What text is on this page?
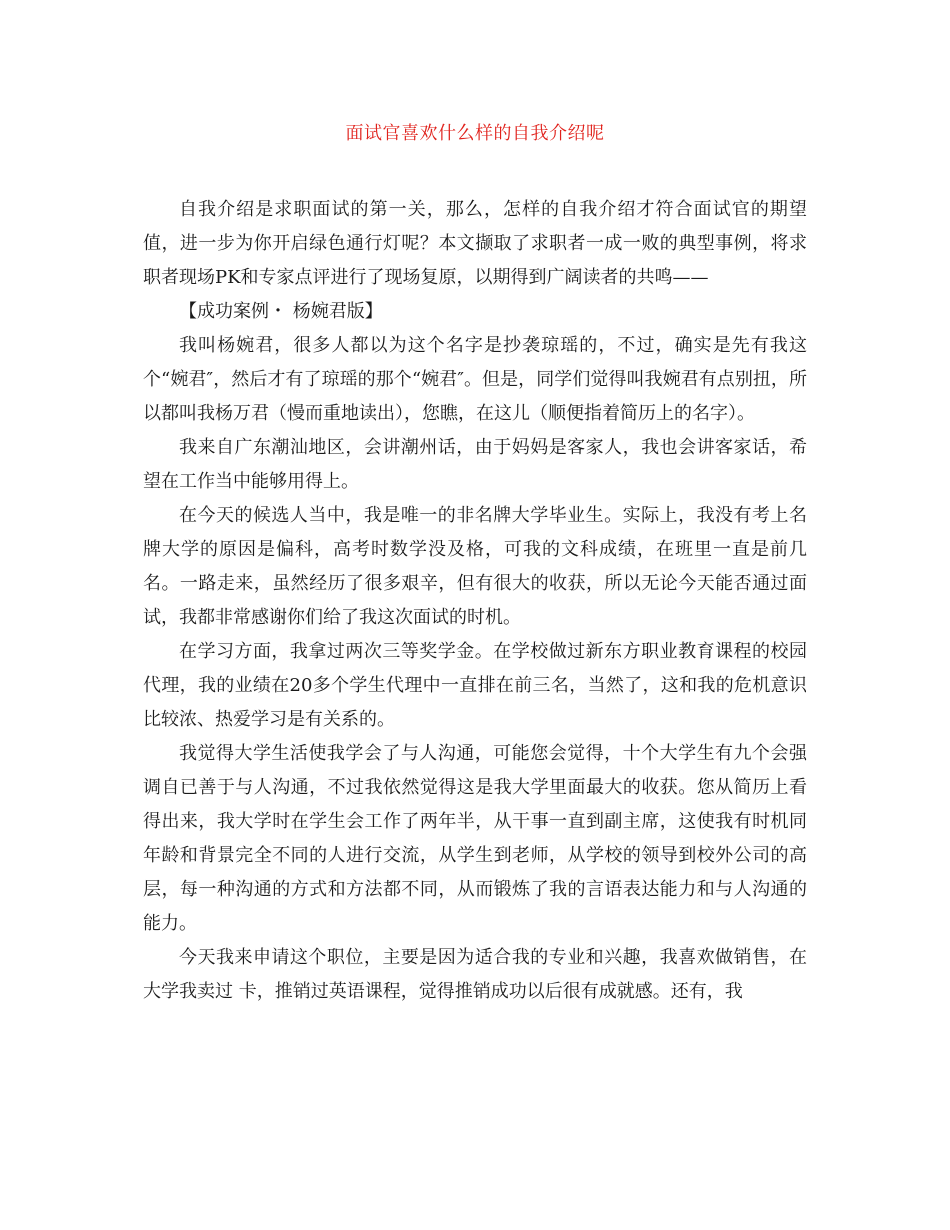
面试官喜欢什么样的自我介绍呢

自我介绍是求职面试的第一关，那么，怎样的自我介绍才符合面试官的期望值，进一步为你开启绿色通行灯呢？本文撷取了求职者一成一败的典型事例，将求职者现场PK和专家点评进行了现场复原，以期得到广阔读者的共鸣——

【成功案例・ 杨婉君版】

我叫杨婉君，很多人都以为这个名字是抄袭琼瑶的，不过，确实是先有我这个“婉君″，然后才有了琼瑶的那个“婉君″。但是，同学们觉得叫我婉君有点别扭，所以都叫我杨万君（慢而重地读出），您瞧，在这儿（顺便指着简历上的名字）。

我来自广东潮汕地区，会讲潮州话，由于妈妈是客家人，我也会讲客家话，希望在工作当中能够用得上。

在今天的候选人当中，我是唯一的非名牌大学毕业生。实际上，我没有考上名牌大学的原因是偏科，高考时数学没及格，可我的文科成绩，在班里一直是前几名。一路走来，虽然经历了很多艰辛，但有很大的收获，所以无论今天能否通过面试，我都非常感谢你们给了我这次面试的时机。

在学习方面，我拿过两次三等奖学金。在学校做过新东方职业教育课程的校园代理，我的业绩在20多个学生代理中一直排在前三名，当然了，这和我的危机意识比较浓、热爱学习是有关系的。

我觉得大学生活使我学会了与人沟通，可能您会觉得，十个大学生有九个会强调自已善于与人沟通，不过我依然觉得这是我大学里面最大的收获。您从简历上看得出来，我大学时在学生会工作了两年半，从干事一直到副主席，这使我有时机同年龄和背景完全不同的人进行交流，从学生到老师，从学校的领导到校外公司的高层，每一种沟通的方式和方法都不同，从而锻炼了我的言语表达能力和与人沟通的能力。

今天我来申请这个职位，主要是因为适合我的专业和兴趣，我喜欢做销售，在大学我卖过 卡，推销过英语课程，觉得推销成功以后很有成就感。还有，我
